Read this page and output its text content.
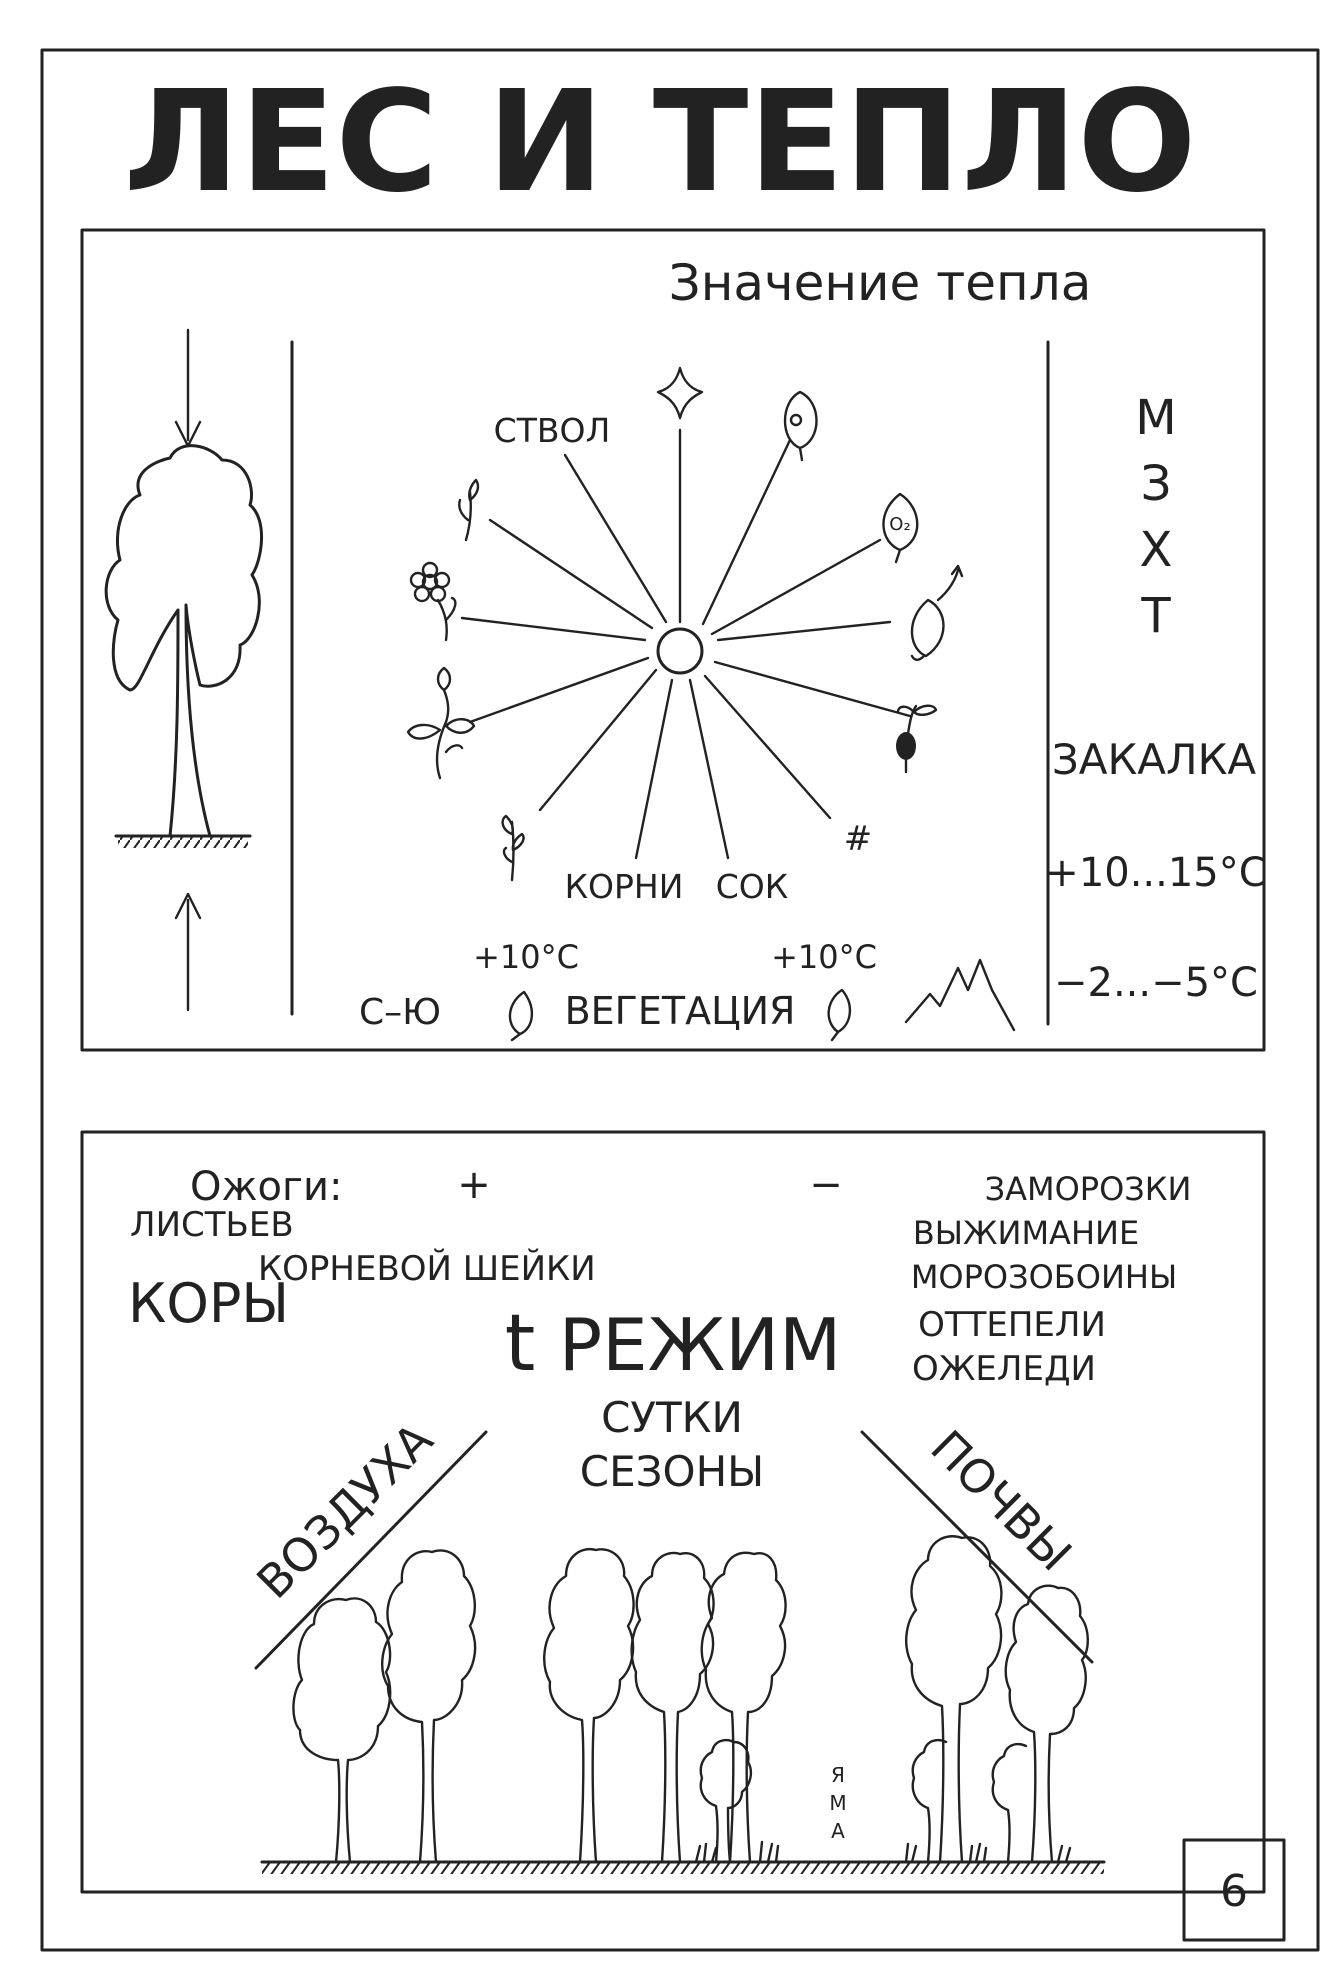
6
ЛЕС И ТЕПЛО
Значение тепла
O₂
#
СТВОЛ
КОРНИ СОК
+10°C	+10°C
С–Ю	ВЕГЕТАЦИЯ
М
З
Х
Т
ЗАКАЛКА
+10...15°C
−2...−5°C
Ожоги:	+	−
ЛИСТЬЕВ
КОРНЕВОЙ ШЕЙКИ
КОРЫ	t РЕЖИМ
СУТКИ
СЕЗОНЫ
ЗАМОРОЗКИ
ВЫЖИМАНИЕ
МОРОЗОБОИНЫ
ОТТЕПЕЛИ
ОЖЕЛЕДИ
ВОЗДУХА	ПОЧВЫ
Я
М
А
